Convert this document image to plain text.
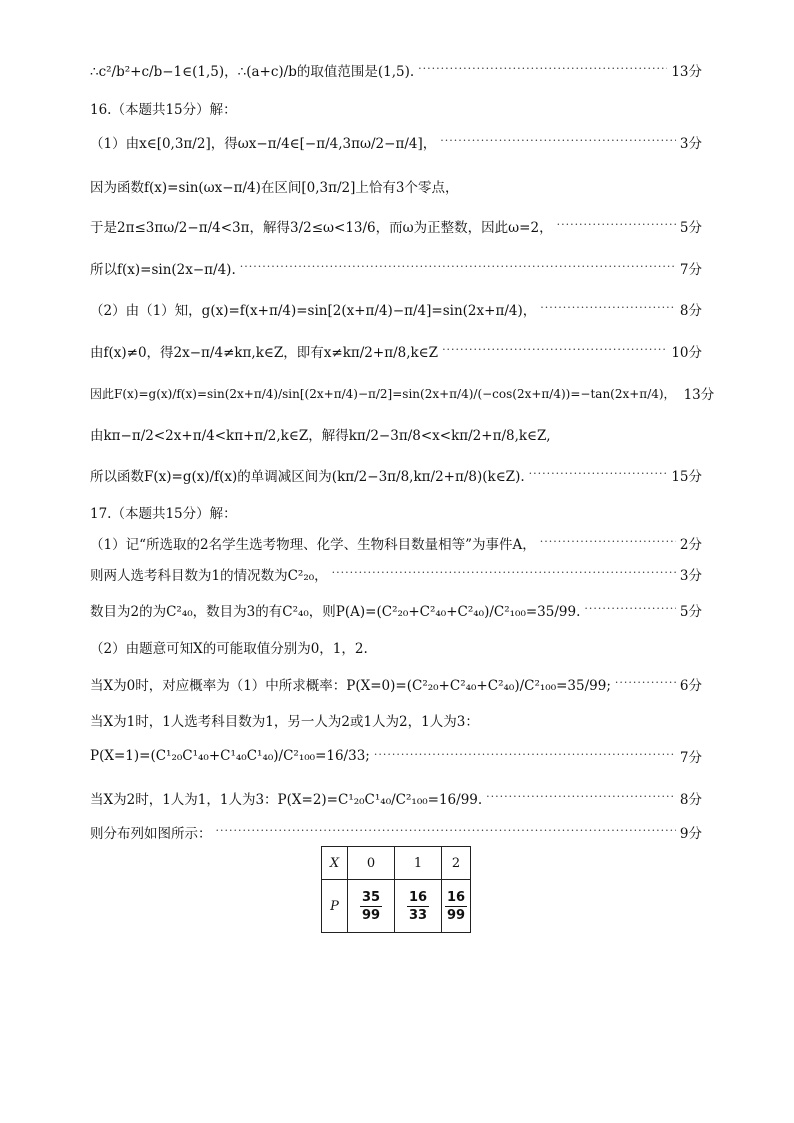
∴c²/b²+c/b−1∈(1,5)，∴(a+c)/b的取值范围是(1,5). ·····	13分
16.（本题共15分）解：
（1）由x∈[0,3π/2]，得ωx−π/4∈[−π/4,3πω/2−π/4]， ·····	3分
因为函数f(x)=sin(ωx−π/4)在区间[0,3π/2]上恰有3个零点，
于是2π≤3πω/2−π/4<3π，解得3/2≤ω<13/6，而ω为正整数，因此ω=2， ·····	5分
所以f(x)=sin(2x−π/4). ·····	7分
（2）由（1）知，g(x)=f(x+π/4)=sin[2(x+π/4)−π/4]=sin(2x+π/4)， ·····	8分
由f(x)≠0，得2x−π/4≠kπ,k∈Z，即有x≠kπ/2+π/8,k∈Z ·····	10分
因此F(x)=g(x)/f(x)=sin(2x+π/4)/sin[(2x+π/4)−π/2]=sin(2x+π/4)/(−cos(2x+π/4))=−tan(2x+π/4)， 13分
由kπ−π/2<2x+π/4<kπ+π/2,k∈Z，解得kπ/2−3π/8<x<kπ/2+π/8,k∈Z,
所以函数F(x)=g(x)/f(x)的单调减区间为(kπ/2−3π/8,kπ/2+π/8)(k∈Z). ·····	15分
17.（本题共15分）解：
（1）记“所选取的2名学生选考物理、化学、生物科目数量相等”为事件A， ·····	2分
则两人选考科目数为1的情况数为C²₂₀， ·····	3分
数目为2的为C²₄₀，数目为3的有C²₄₀，则P(A)=(C²₂₀+C²₄₀+C²₄₀)/C²₁₀₀=35/99. ·····	5分
（2）由题意可知X的可能取值分别为0，1，2.
当X为0时，对应概率为（1）中所求概率：P(X=0)=(C²₂₀+C²₄₀+C²₄₀)/C²₁₀₀=35/99; ·····	6分
当X为1时，1人选考科目数为1，另一人为2或1人为2，1人为3：
P(X=1)=(C¹₂₀C¹₄₀+C¹₄₀C¹₄₀)/C²₁₀₀=16/33; ·····	7分
当X为2时，1人为1，1人为3：P(X=2)=C¹₂₀C¹₄₀/C²₁₀₀=16/99. ·····	8分
则分布列如图所示： ·····	9分
X	0	1	2
P	$\frac{35}{99}$	$\frac{16}{33}$	$\frac{16}{99}$
